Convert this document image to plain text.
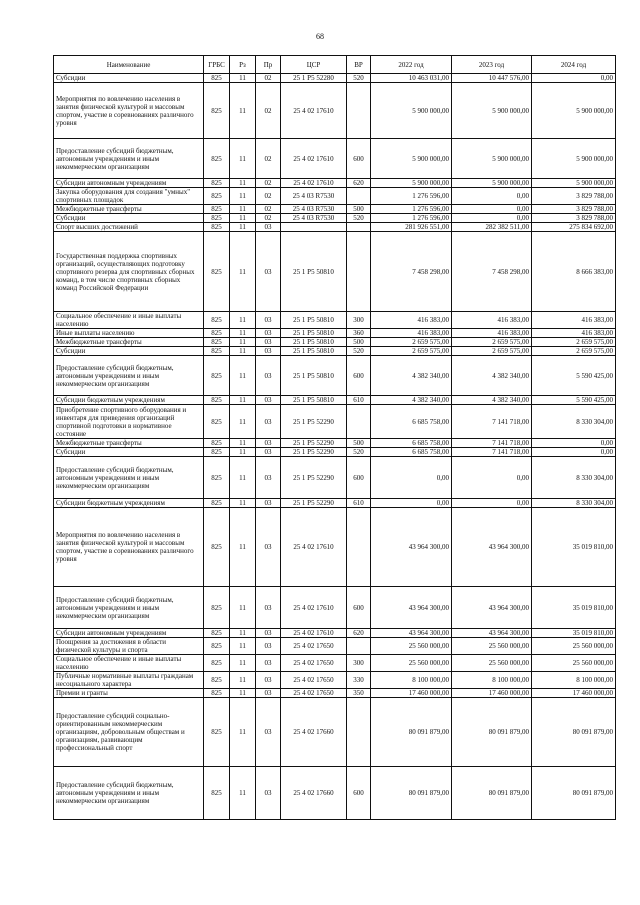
68
Наименование	ГРБС	Рз	Пр	ЦСР	ВР	2022 год	2023 год	2024 год
Субсидии	825	11	02	25 1 P5 52280	520	10 463 031,00	10 447 576,00	0,00
Мероприятия по вовлечению населения в занятия физической культурой и массовым спортом, участие в соревнованиях различного уровня	825	11	02	25 4 02 17610		5 900 000,00	5 900 000,00	5 900 000,00
Предоставление субсидий бюджетным, автономным учреждениям и иным некоммерческим организациям	825	11	02	25 4 02 17610	600	5 900 000,00	5 900 000,00	5 900 000,00
Субсидии автономным учреждениям	825	11	02	25 4 02 17610	620	5 900 000,00	5 900 000,00	5 900 000,00
Закупка оборудования для создания "умных" спортивных площадок	825	11	02	25 4 03 R7530		1 276 596,00	0,00	3 829 788,00
Межбюджетные трансферты	825	11	02	25 4 03 R7530	500	1 276 596,00	0,00	3 829 788,00
Субсидии	825	11	02	25 4 03 R7530	520	1 276 596,00	0,00	3 829 788,00
Спорт высших достижений	825	11	03			281 926 551,00	282 382 511,00	275 834 692,00
Государственная поддержка спортивных организаций, осуществляющих подготовку спортивного резерва для спортивных сборных команд, в том числе спортивных сборных команд Российской Федерации	825	11	03	25 1 P5 50810		7 458 298,00	7 458 298,00	8 666 383,00
Социальное обеспечение и иные выплаты населению	825	11	03	25 1 P5 50810	300	416 383,00	416 383,00	416 383,00
Иные выплаты населению	825	11	03	25 1 P5 50810	360	416 383,00	416 383,00	416 383,00
Межбюджетные трансферты	825	11	03	25 1 P5 50810	500	2 659 575,00	2 659 575,00	2 659 575,00
Субсидии	825	11	03	25 1 P5 50810	520	2 659 575,00	2 659 575,00	2 659 575,00
Предоставление субсидий бюджетным, автономным учреждениям и иным некоммерческим организациям	825	11	03	25 1 P5 50810	600	4 382 340,00	4 382 340,00	5 590 425,00
Субсидии бюджетным учреждениям	825	11	03	25 1 P5 50810	610	4 382 340,00	4 382 340,00	5 590 425,00
Приобретение спортивного оборудования и инвентаря для приведения организаций спортивной подготовки в нормативное состояние	825	11	03	25 1 P5 52290		6 685 758,00	7 141 718,00	8 330 304,00
Межбюджетные трансферты	825	11	03	25 1 P5 52290	500	6 685 758,00	7 141 718,00	0,00
Субсидии	825	11	03	25 1 P5 52290	520	6 685 758,00	7 141 718,00	0,00
Предоставление субсидий бюджетным, автономным учреждениям и иным некоммерческим организациям	825	11	03	25 1 P5 52290	600	0,00	0,00	8 330 304,00
Субсидии бюджетным учреждениям	825	11	03	25 1 P5 52290	610	0,00	0,00	8 330 304,00
Мероприятия по вовлечению населения в занятия физической культурой и массовым спортом, участие в соревнованиях различного уровня	825	11	03	25 4 02 17610		43 964 300,00	43 964 300,00	35 019 810,00
Предоставление субсидий бюджетным, автономным учреждениям и иным некоммерческим организациям	825	11	03	25 4 02 17610	600	43 964 300,00	43 964 300,00	35 019 810,00
Субсидии автономным учреждениям	825	11	03	25 4 02 17610	620	43 964 300,00	43 964 300,00	35 019 810,00
Поощрения за достижения в области физической культуры и спорта	825	11	03	25 4 02 17650		25 560 000,00	25 560 000,00	25 560 000,00
Социальное обеспечение и иные выплаты населению	825	11	03	25 4 02 17650	300	25 560 000,00	25 560 000,00	25 560 000,00
Публичные нормативные выплаты гражданам несоциального характера	825	11	03	25 4 02 17650	330	8 100 000,00	8 100 000,00	8 100 000,00
Премии и гранты	825	11	03	25 4 02 17650	350	17 460 000,00	17 460 000,00	17 460 000,00
Предоставление субсидий социально-ориентированным некоммерческим организациям, добровольным обществам и организациям, развивающим профессиональный спорт	825	11	03	25 4 02 17660		80 091 879,00	80 091 879,00	80 091 879,00
Предоставление субсидий бюджетным, автономным учреждениям и иным некоммерческим организациям	825	11	03	25 4 02 17660	600	80 091 879,00	80 091 879,00	80 091 879,00
